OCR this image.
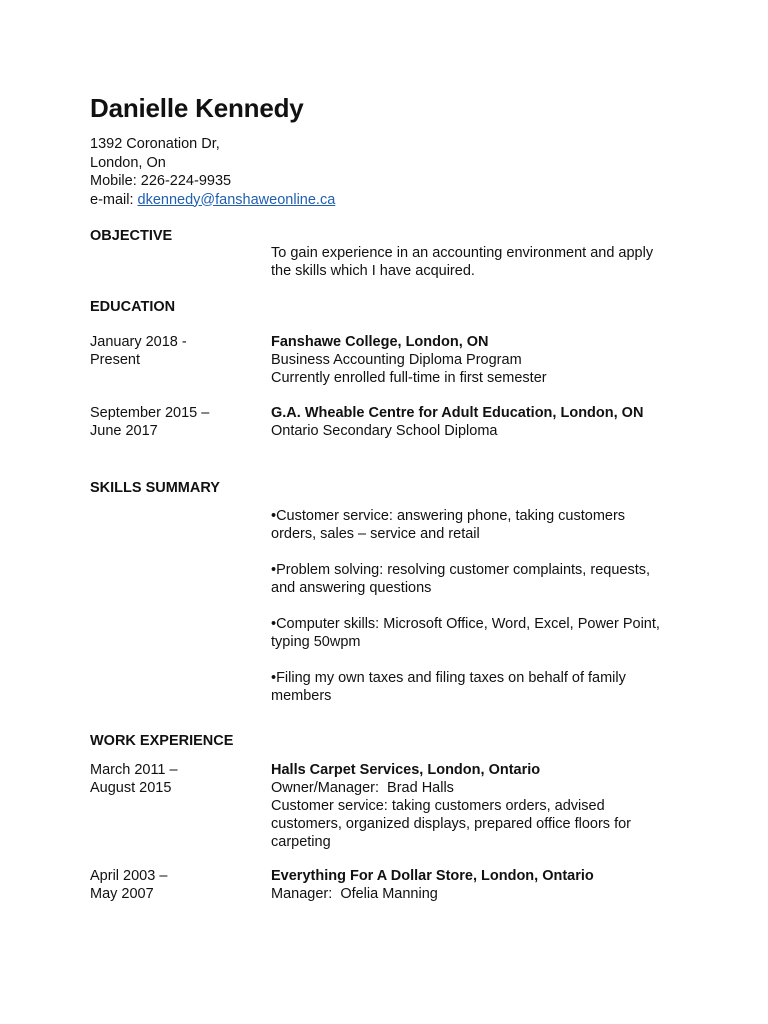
Danielle Kennedy
1392 Coronation Dr,
London, On
Mobile: 226-224-9935
e-mail: dkennedy@fanshaweonline.ca
OBJECTIVE
To gain experience in an accounting environment and apply
the skills which I have acquired.
EDUCATION
January 2018 -
Present
Fanshawe College, London, ON
Business Accounting Diploma Program
Currently enrolled full-time in first semester
September 2015 –
June 2017
G.A. Wheable Centre for Adult Education, London, ON
Ontario Secondary School Diploma
SKILLS SUMMARY
•Customer service: answering phone, taking customers
orders, sales – service and retail
•Problem solving: resolving customer complaints, requests,
and answering questions
•Computer skills: Microsoft Office, Word, Excel, Power Point,
typing 50wpm
•Filing my own taxes and filing taxes on behalf of family
members
WORK EXPERIENCE
March 2011 –
August 2015
Halls Carpet Services, London, Ontario
Owner/Manager:  Brad Halls
Customer service: taking customers orders, advised
customers, organized displays, prepared office floors for
carpeting
April 2003 –
May 2007
Everything For A Dollar Store, London, Ontario
Manager:  Ofelia Manning
